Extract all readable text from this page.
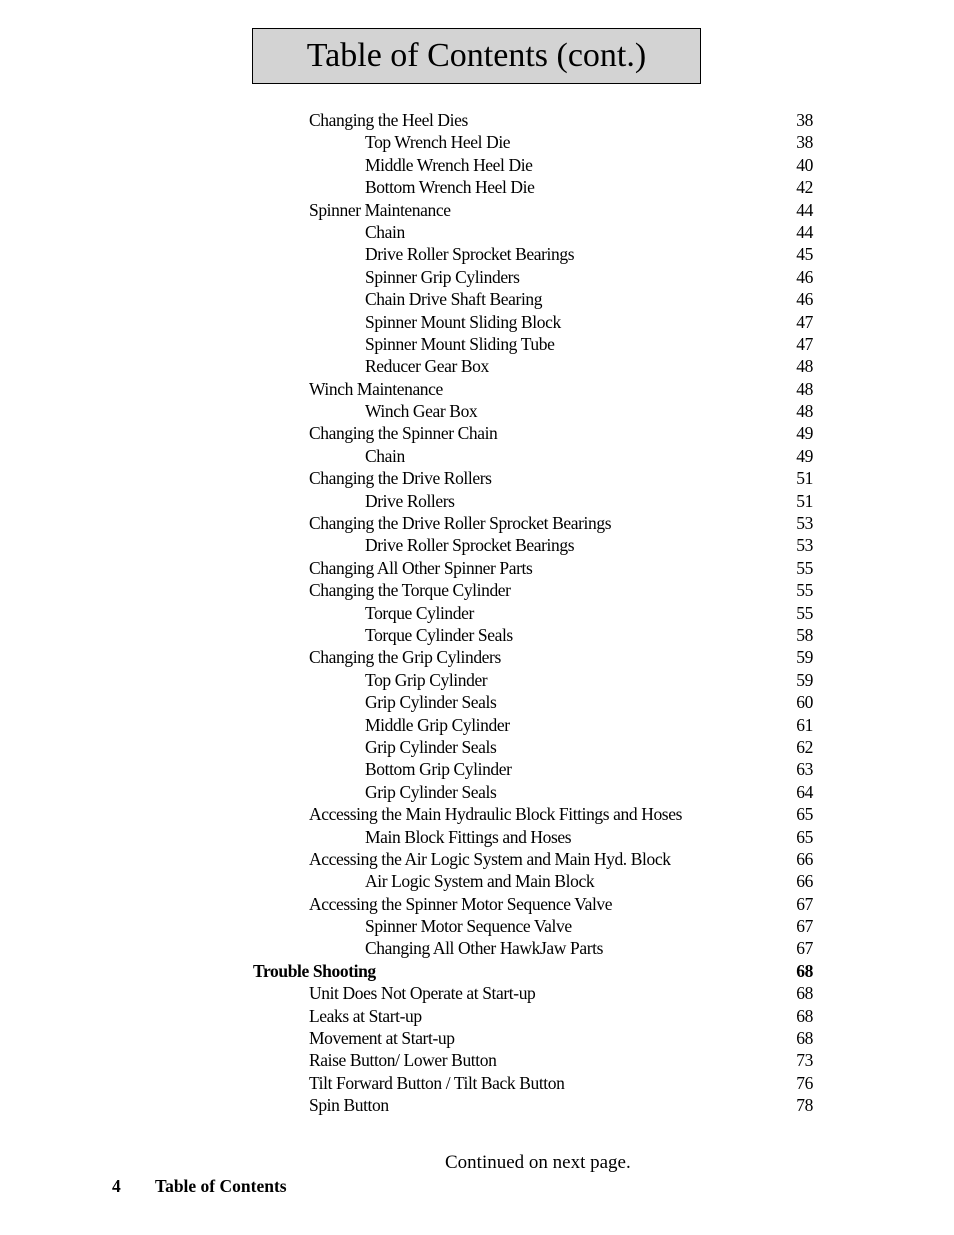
Table of Contents (cont.)
Changing the Heel Dies	38
Top Wrench Heel Die	38
Middle Wrench Heel Die	40
Bottom Wrench Heel Die	42
Spinner Maintenance	44
Chain	44
Drive Roller Sprocket Bearings	45
Spinner Grip Cylinders	46
Chain Drive Shaft Bearing	46
Spinner Mount Sliding Block	47
Spinner Mount Sliding Tube	47
Reducer Gear Box	48
Winch Maintenance	48
Winch Gear Box	48
Changing the Spinner Chain	49
Chain	49
Changing the Drive Rollers	51
Drive Rollers	51
Changing the Drive Roller Sprocket Bearings	53
Drive Roller Sprocket Bearings	53
Changing All Other Spinner Parts	55
Changing the Torque Cylinder	55
Torque Cylinder	55
Torque Cylinder Seals	58
Changing the Grip Cylinders	59
Top Grip Cylinder	59
Grip Cylinder Seals	60
Middle Grip Cylinder	61
Grip Cylinder Seals	62
Bottom Grip Cylinder	63
Grip Cylinder Seals	64
Accessing the Main Hydraulic Block Fittings and Hoses	65
Main Block Fittings and Hoses	65
Accessing the Air Logic System and Main Hyd. Block	66
Air Logic System and Main Block	66
Accessing the Spinner Motor Sequence Valve	67
Spinner Motor Sequence Valve	67
Changing All Other HawkJaw Parts	67
Trouble Shooting	68
Unit Does Not Operate at Start-up	68
Leaks at Start-up	68
Movement at Start-up	68
Raise Button/ Lower Button	73
Tilt Forward Button / Tilt Back Button	76
Spin Button	78
Continued on next page.
4 Table of Contents
